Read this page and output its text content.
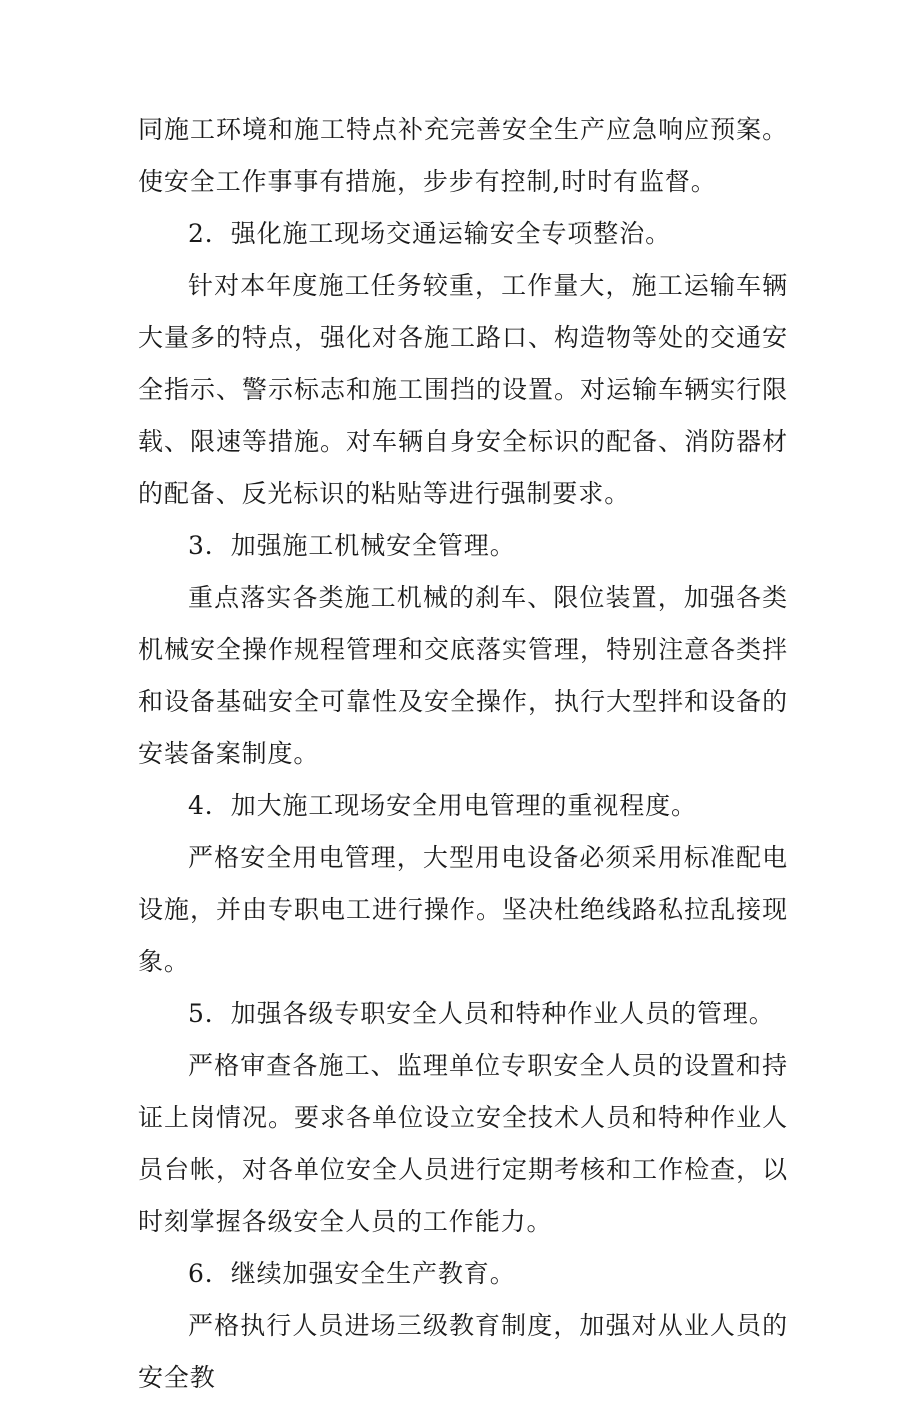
同施工环境和施工特点补充完善安全生产应急响应预案。使安全工作事事有措施，步步有控制,时时有监督。

2．强化施工现场交通运输安全专项整治。

针对本年度施工任务较重，工作量大，施工运输车辆大量多的特点，强化对各施工路口、构造物等处的交通安全指示、警示标志和施工围挡的设置。对运输车辆实行限载、限速等措施。对车辆自身安全标识的配备、消防器材的配备、反光标识的粘贴等进行强制要求。

3．加强施工机械安全管理。

重点落实各类施工机械的刹车、限位装置，加强各类机械安全操作规程管理和交底落实管理，特别注意各类拌和设备基础安全可靠性及安全操作，执行大型拌和设备的安装备案制度。

4．加大施工现场安全用电管理的重视程度。

严格安全用电管理，大型用电设备必须采用标准配电设施，并由专职电工进行操作。坚决杜绝线路私拉乱接现象。

5．加强各级专职安全人员和特种作业人员的管理。

严格审查各施工、监理单位专职安全人员的设置和持证上岗情况。要求各单位设立安全技术人员和特种作业人员台帐，对各单位安全人员进行定期考核和工作检查，以时刻掌握各级安全人员的工作能力。

6．继续加强安全生产教育。

严格执行人员进场三级教育制度，加强对从业人员的安全教
